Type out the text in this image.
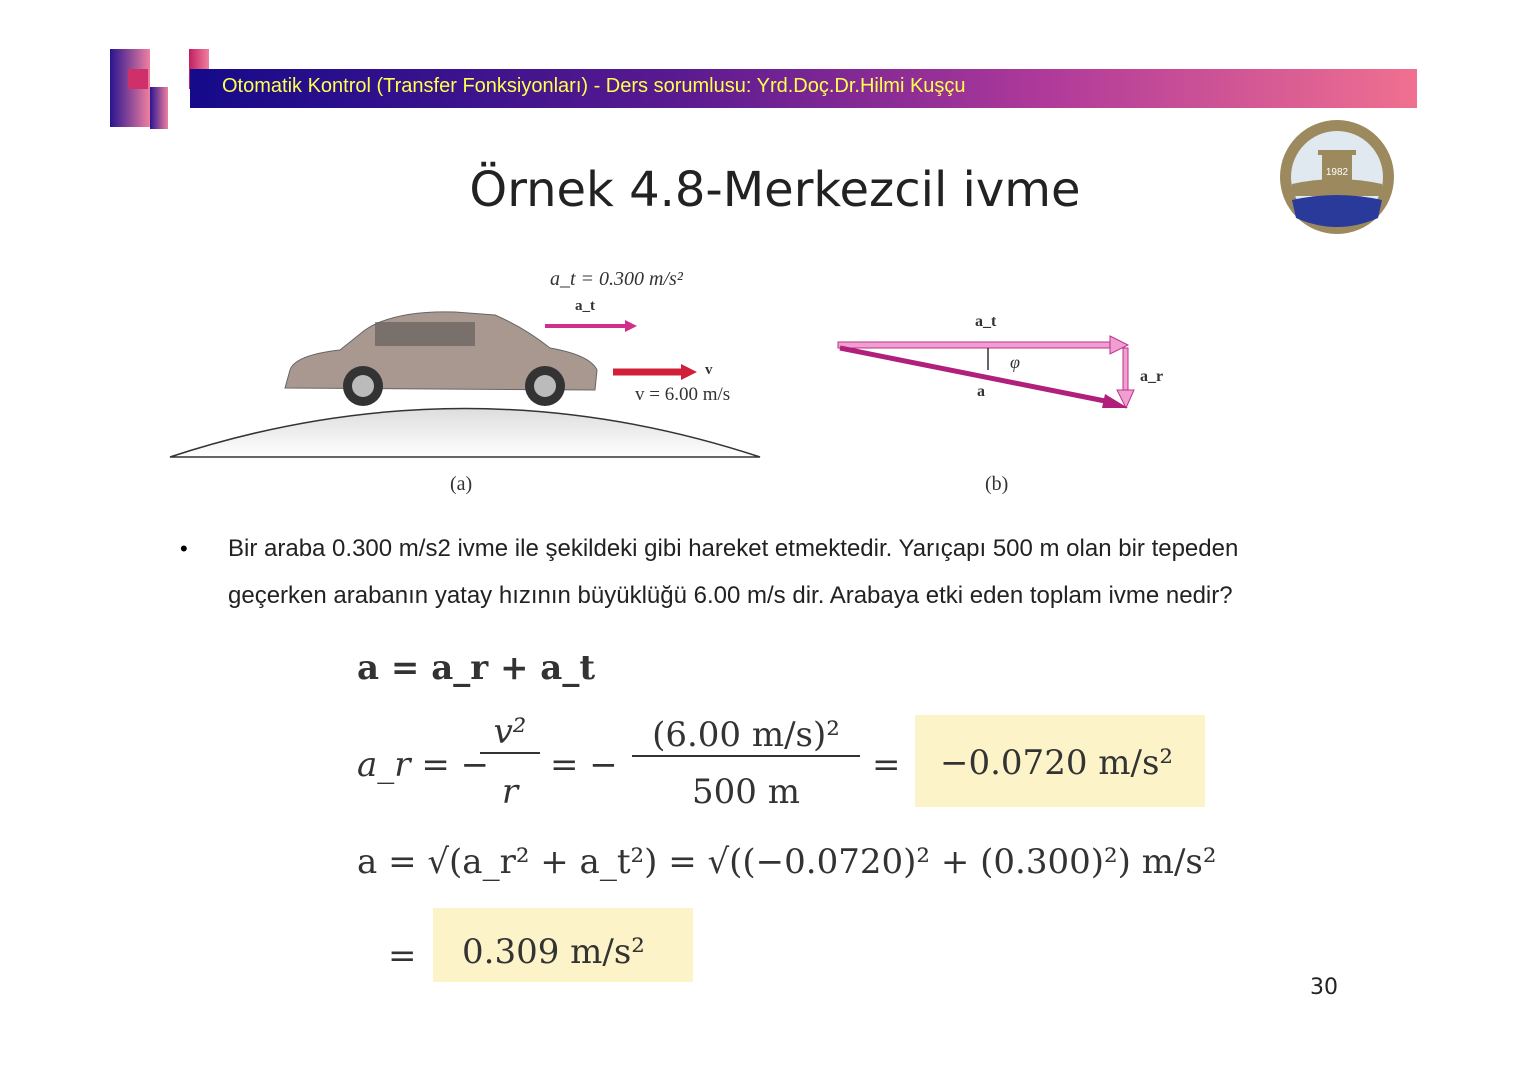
Otomatik Kontrol (Transfer Fonksiyonları) - Ders sorumlusu: Yrd.Doç.Dr.Hilmi Kuşçu
1982
Örnek 4.8-Merkezcil ivme
a_t = 0.300 m/s²
a_t
v
v = 6.00 m/s
(a)
a_t
φ
a
a_r
(b)
• Bir araba 0.300 m/s2 ivme ile şekildeki gibi hareket etmektedir. Yarıçapı 500 m olan bir tepeden
geçerken arabanın yatay hızının büyüklüğü 6.00 m/s dir. Arabaya etki eden toplam ivme nedir?
a = a_r + a_t
a_r = −
v²
r
= −
(6.00 m/s)²
500 m
= −0.0720 m/s²
a = √(a_r² + a_t²) = √((−0.0720)² + (0.300)²) m/s²
= 0.309 m/s²
30
